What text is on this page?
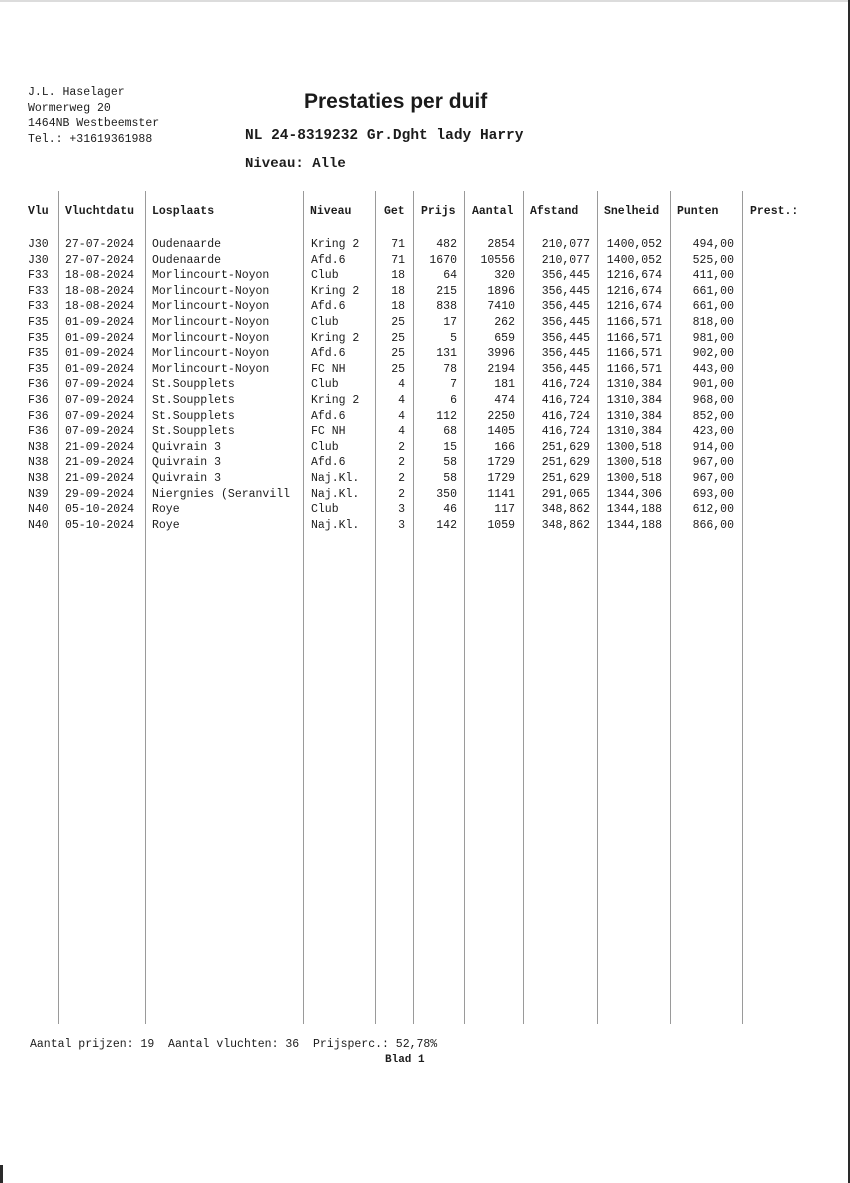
J.L. Haselager
Wormerweg 20
1464NB Westbeemster
Tel.: +31619361988
Prestaties per duif
NL 24-8319232 Gr.Dght lady Harry
Niveau: Alle
Vlu Vluchtdatu Losplaats	Niveau	Get Prijs Aantal Afstand Snelheid Punten	Prest.:
J30	27-07-2024	Oudenaarde	Kring 2	71	482	2854	210,077	1400,052	494,00
J30	27-07-2024	Oudenaarde	Afd.6	71	1670	10556	210,077	1400,052	525,00
F33	18-08-2024	Morlincourt-Noyon	Club	18	64	320	356,445	1216,674	411,00
F33	18-08-2024	Morlincourt-Noyon	Kring 2	18	215	1896	356,445	1216,674	661,00
F33	18-08-2024	Morlincourt-Noyon	Afd.6	18	838	7410	356,445	1216,674	661,00
F35	01-09-2024	Morlincourt-Noyon	Club	25	17	262	356,445	1166,571	818,00
F35	01-09-2024	Morlincourt-Noyon	Kring 2	25	5	659	356,445	1166,571	981,00
F35	01-09-2024	Morlincourt-Noyon	Afd.6	25	131	3996	356,445	1166,571	902,00
F35	01-09-2024	Morlincourt-Noyon	FC NH	25	78	2194	356,445	1166,571	443,00
F36	07-09-2024	St.Soupplets	Club	4	7	181	416,724	1310,384	901,00
F36	07-09-2024	St.Soupplets	Kring 2	4	6	474	416,724	1310,384	968,00
F36	07-09-2024	St.Soupplets	Afd.6	4	112	2250	416,724	1310,384	852,00
F36	07-09-2024	St.Soupplets	FC NH	4	68	1405	416,724	1310,384	423,00
N38	21-09-2024	Quivrain 3	Club	2	15	166	251,629	1300,518	914,00
N38	21-09-2024	Quivrain 3	Afd.6	2	58	1729	251,629	1300,518	967,00
N38	21-09-2024	Quivrain 3	Naj.Kl.	2	58	1729	251,629	1300,518	967,00
N39	29-09-2024	Niergnies (Seranvill	Naj.Kl.	2	350	1141	291,065	1344,306	693,00
N40	05-10-2024	Roye	Club	3	46	117	348,862	1344,188	612,00
N40	05-10-2024	Roye	Naj.Kl.	3	142	1059	348,862	1344,188	866,00
Aantal prijzen: 19 Aantal vluchten: 36 Prijsperc.: 52,78%
Blad 1
